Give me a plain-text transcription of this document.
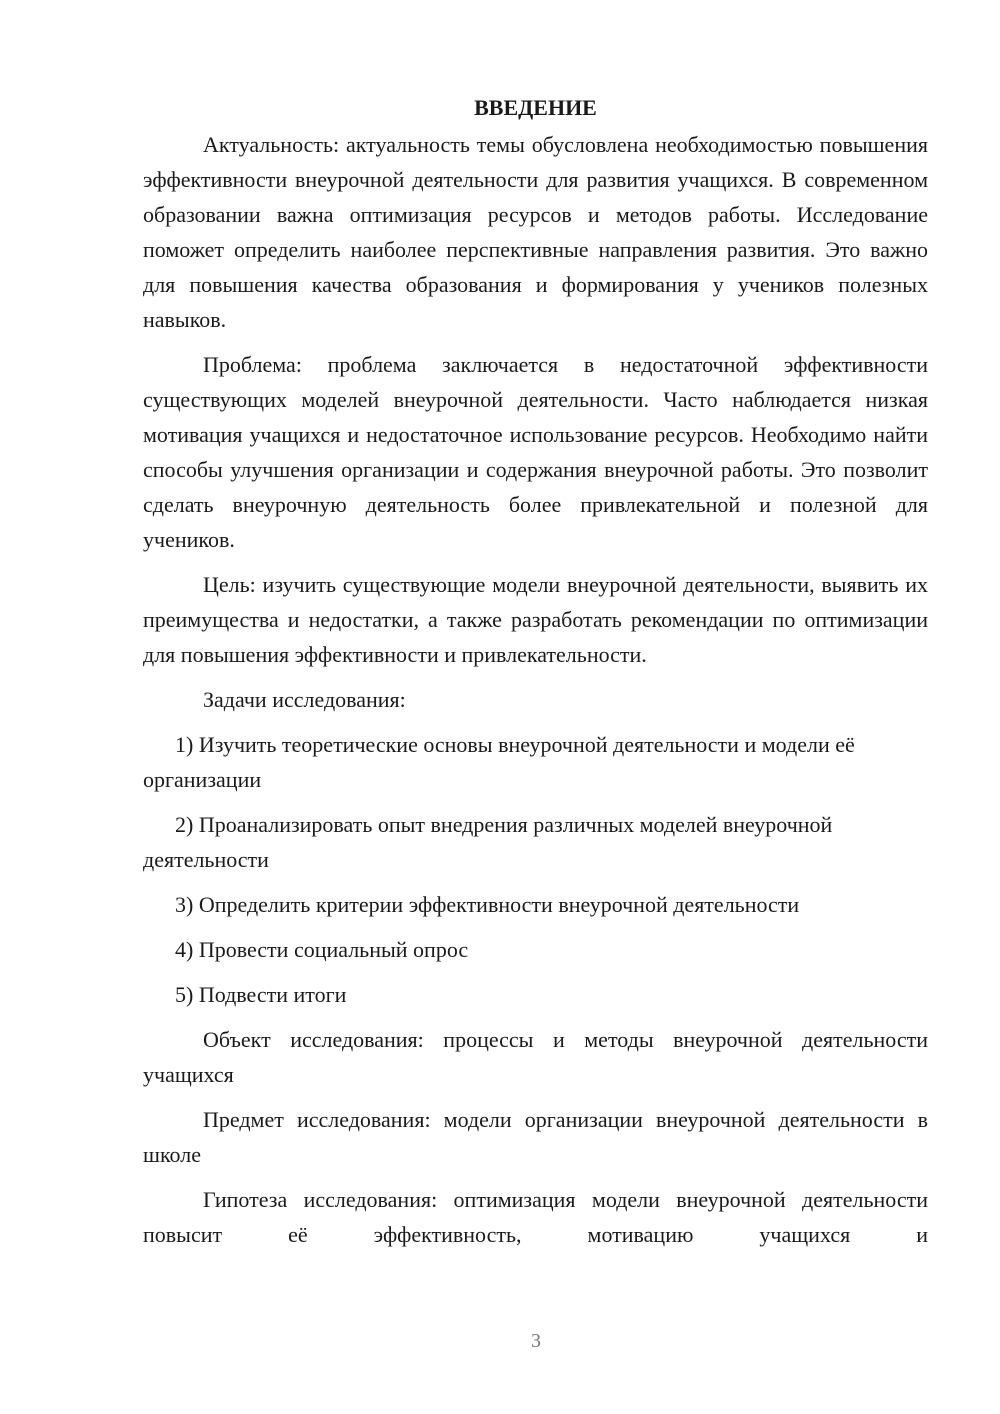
ВВЕДЕНИЕ

Актуальность: актуальность темы обусловлена необходимостью повышения эффективности внеурочной деятельности для развития учащихся. В современном образовании важна оптимизация ресурсов и методов работы. Исследование поможет определить наиболее перспективные направления развития. Это важно для повышения качества образования и формирования у учеников полезных навыков.

Проблема: проблема заключается в недостаточной эффективности существующих моделей внеурочной деятельности. Часто наблюдается низкая мотивация учащихся и недостаточное использование ресурсов. Необходимо найти способы улучшения организации и содержания внеурочной работы. Это позволит сделать внеурочную деятельность более привлекательной и полезной для учеников.

Цель: изучить существующие модели внеурочной деятельности, выявить их преимущества и недостатки, а также разработать рекомендации по оптимизации для повышения эффективности и привлекательности.

Задачи исследования:

1) Изучить теоретические основы внеурочной деятельности и модели её организации

2) Проанализировать опыт внедрения различных моделей внеурочной деятельности

3) Определить критерии эффективности внеурочной деятельности

4) Провести социальный опрос

5) Подвести итоги

Объект исследования: процессы и методы внеурочной деятельности учащихся

Предмет исследования: модели организации внеурочной деятельности в школе

Гипотеза исследования: оптимизация модели внеурочной деятельности повысит её эффективность, мотивацию учащихся и

3
